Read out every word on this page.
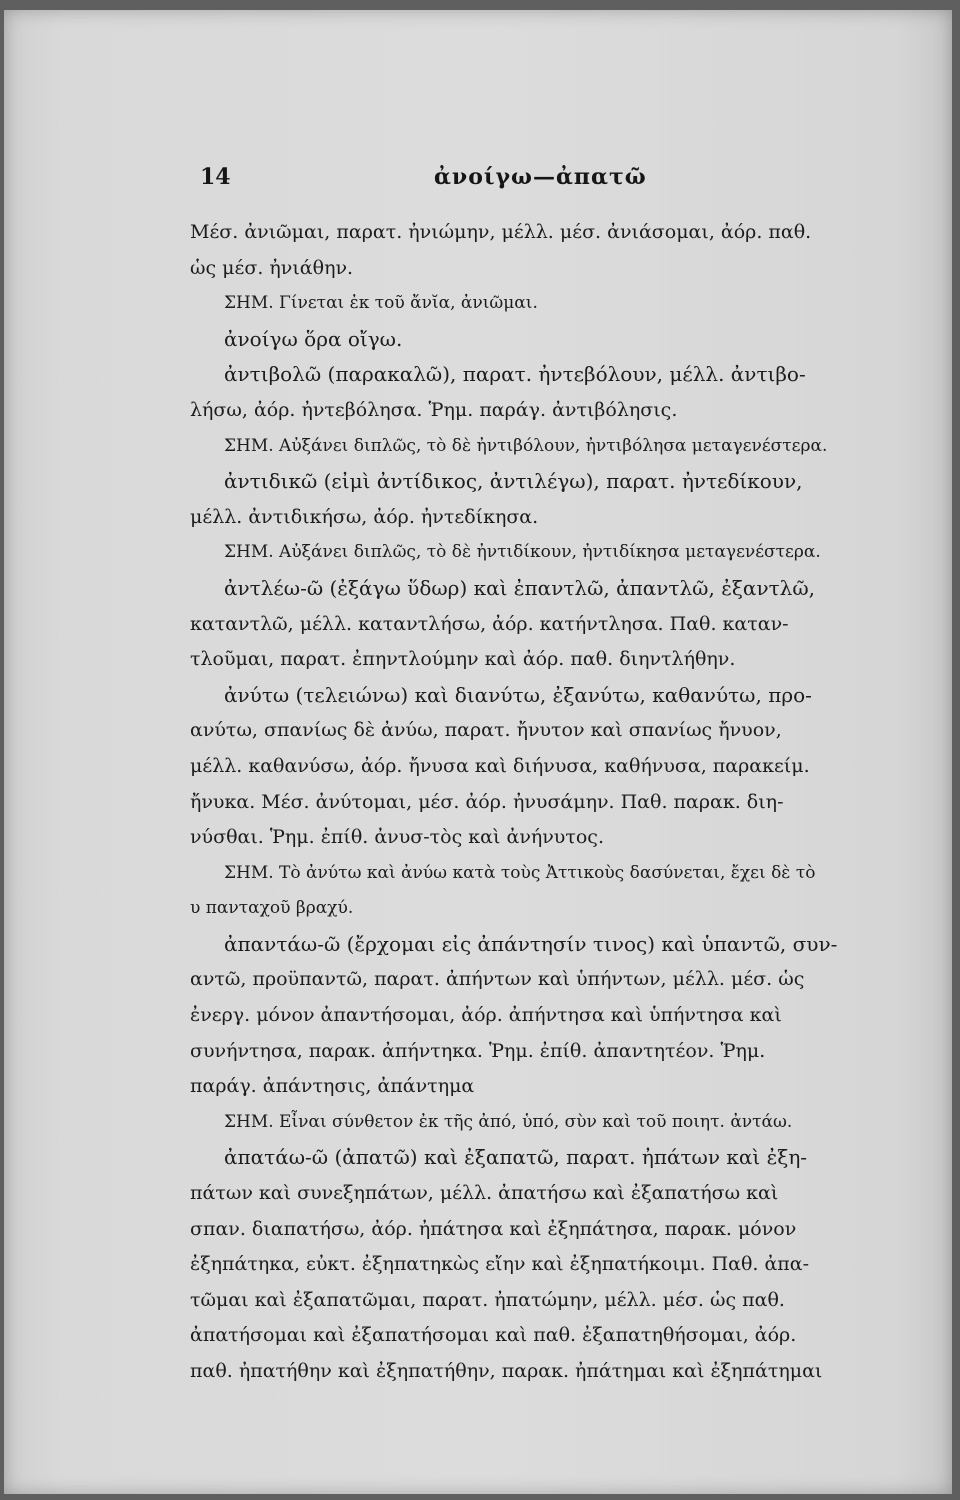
14	ἀνοίγω—ἀπατῶ
Μέσ. ἀνιῶμαι, παρατ. ἠνιώμην, μέλλ. μέσ. ἀνιάσομαι, ἀόρ. παθ.
ὡς μέσ. ἠνιάθην.
ΣΗΜ. Γίνεται ἐκ τοῦ ἄνῐα, ἀνιῶμαι.
ἀνοίγω ὅρα οἴγω.
ἀντιβολῶ (παρακαλῶ), παρατ. ἠντεβόλουν, μέλλ. ἀντιβο-
λήσω, ἀόρ. ἠντεβόλησα. Ῥημ. παράγ. ἀντιβόλησις.
ΣΗΜ. Αὐξάνει διπλῶς, τὸ δὲ ἠντιβόλουν, ἠντιβόλησα μεταγενέστερα.
ἀντιδικῶ (εἰμὶ ἀντίδικος, ἀντιλέγω), παρατ. ἠντεδίκουν,
μέλλ. ἀντιδικήσω, ἀόρ. ἠντεδίκησα.
ΣΗΜ. Αὐξάνει διπλῶς, τὸ δὲ ἠντιδίκουν, ἠντιδίκησα μεταγενέστερα.
ἀντλέω-ῶ (ἐξάγω ὕδωρ) καὶ ἐπαντλῶ, ἀπαντλῶ, ἐξαντλῶ,
καταντλῶ, μέλλ. καταντλήσω, ἀόρ. κατήντλησα. Παθ. καταν-
τλοῦμαι, παρατ. ἐπηντλούμην καὶ ἀόρ. παθ. διηντλήθην.
ἀνύτω (τελειώνω) καὶ διανύτω, ἐξανύτω, καθανύτω, προ-
ανύτω, σπανίως δὲ ἀνύω, παρατ. ἤνυτον καὶ σπανίως ἤνυον,
μέλλ. καθανύσω, ἀόρ. ἤνυσα καὶ διήνυσα, καθήνυσα, παρακείμ.
ἤνυκα. Μέσ. ἀνύτομαι, μέσ. ἀόρ. ἠνυσάμην. Παθ. παρακ. διη-
νύσθαι. Ῥημ. ἐπίθ. ἀνυσ-τὸς καὶ ἀνήνυτος.
ΣΗΜ. Τὸ ἀνύτω καὶ ἀνύω κατὰ τοὺς Ἀττικοὺς δασύνεται, ἔχει δὲ τὸ
υ πανταχοῦ βραχύ.
ἀπαντάω-ῶ (ἔρχομαι εἰς ἀπάντησίν τινος) καὶ ὑπαντῶ, συν-
αντῶ, προϋπαντῶ, παρατ. ἀπήντων καὶ ὑπήντων, μέλλ. μέσ. ὡς
ἐνεργ. μόνον ἀπαντήσομαι, ἀόρ. ἀπήντησα καὶ ὑπήντησα καὶ
συνήντησα, παρακ. ἀπήντηκα. Ῥημ. ἐπίθ. ἀπαντητέον. Ῥημ.
παράγ. ἀπάντησις, ἀπάντημα
ΣΗΜ. Εἶναι σύνθετον ἐκ τῆς ἀπό, ὑπό, σὺν καὶ τοῦ ποιητ. ἀντάω.
ἀπατάω-ῶ (ἀπατῶ) καὶ ἐξαπατῶ, παρατ. ἠπάτων καὶ ἐξη-
πάτων καὶ συνεξηπάτων, μέλλ. ἀπατήσω καὶ ἐξαπατήσω καὶ
σπαν. διαπατήσω, ἀόρ. ἠπάτησα καὶ ἐξηπάτησα, παρακ. μόνον
ἐξηπάτηκα, εὐκτ. ἐξηπατηκὼς εἴην καὶ ἐξηπατήκοιμι. Παθ. ἀπα-
τῶμαι καὶ ἐξαπατῶμαι, παρατ. ἠπατώμην, μέλλ. μέσ. ὡς παθ.
ἀπατήσομαι καὶ ἐξαπατήσομαι καὶ παθ. ἐξαπατηθήσομαι, ἀόρ.
παθ. ἠπατήθην καὶ ἐξηπατήθην, παρακ. ἠπάτημαι καὶ ἐξηπάτημαι
